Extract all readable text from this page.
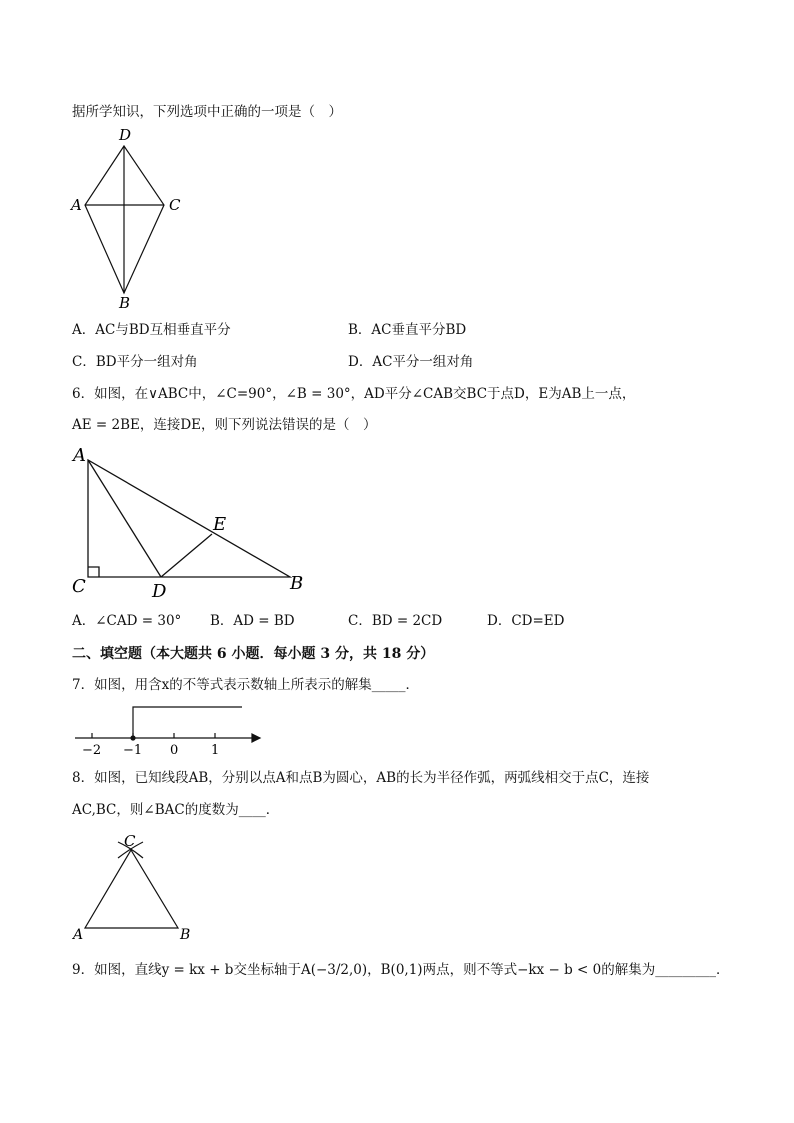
据所学知识，下列选项中正确的一项是（　）
D
A	C
B
A．AC与BD互相垂直平分	B．AC垂直平分BD
C．BD平分一组对角	D．AC平分一组对角
6．如图，在∨ABC中，∠C=90°，∠B = 30°，AD平分∠CAB交BC于点D，E为AB上一点，
AE = 2BE，连接DE，则下列说法错误的是（　）
A
E
C	D	B
A．∠CAD = 30° B．AD = BD	C．BD = 2CD	D．CD=ED
二、填空题（本大题共 6 小题．每小题 3 分，共 18 分）
7．如图，用含x的不等式表示数轴上所表示的解集_____．
−2 −1 0	1
8．如图，已知线段AB，分别以点A和点B为圆心，AB的长为半径作弧，两弧线相交于点C，连接
AC,BC，则∠BAC的度数为____．
C
A	B
9．如图，直线y = kx + b交坐标轴于A(−3/2,0)，B(0,1)两点，则不等式−kx − b < 0的解集为_________．
